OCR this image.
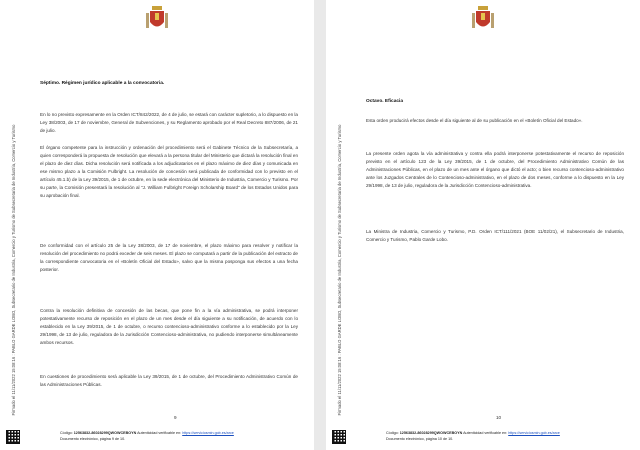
Firmado el 11/11/2022 15:08:16 : PABLO GARDE LOBO, Subsecretario de Industria, Comercio y Turismo de Subsecretaria de Industria, Comercio y Turismo
Séptimo. Régimen jurídico aplicable a la convocatoria.
En lo no previsto expresamente en la Orden ICT/842/2022, de 4 de julio, se estará con carácter supletorio, a lo dispuesto en la Ley 38/2003, de 17 de noviembre, General de Subvenciones, y su Reglamento aprobado por el Real Decreto 887/2006, de 21 de julio.
El órgano competente para la instrucción y ordenación del procedimiento será el Gabinete Técnico de la Subsecretaría, a quien corresponderá la propuesta de resolución que elevará a la persona titular del Ministerio que dictará la resolución final en el plazo de diez días. Dicha resolución será notificada a los adjudicatarios en el plazo máximo de diez días y comunicada en ese mismo plazo a la Comisión Fulbright. La resolución de concesión será publicada de conformidad con lo previsto en el artículo 45.1.b) de la Ley 39/2015, de 1 de octubre, en la sede electrónica del Ministerio de Industria, Comercio y Turismo. Por su parte, la Comisión presentará la resolución al "J. William Fulbright Foreign Scholarship Board" de los Estados Unidos para su aprobación final.
De conformidad con el artículo 25 de la Ley 38/2003, de 17 de noviembre, el plazo máximo para resolver y notificar la resolución del procedimiento no podrá exceder de seis meses. El plazo se computará a partir de la publicación del extracto de la correspondiente convocatoria en el «Boletín Oficial del Estado», salvo que la misma posponga sus efectos a una fecha posterior.
Contra la resolución definitiva de concesión de las becas, que pone fin a la vía administrativa, se podrá interponer potestativamente recurso de reposición en el plazo de un mes desde el día siguiente a su notificación, de acuerdo con lo establecido en la Ley 39/2015, de 1 de octubre, o recurso contencioso-administrativo conforme a lo establecido por la Ley 29/1998, de 13 de julio, reguladora de la Jurisdicción Contencioso-administrativa, no pudiendo interponerse simultáneamente ambos recursos.
En cuestiones de procedimiento será aplicable la Ley 39/2015, de 1 de octubre, del Procedimiento Administrativo Común de las Administraciones Públicas.
9
Código: 12563832-86028299QWOWCEBOYN Autenticidad verificable en: https://serviciosmin.gob.es/arce
Documento electrónico, página 9 de 10.
Firmado el 11/11/2022 15:08:16 : PABLO GARDE LOBO, Subsecretario de Industria, Comercio y Turismo de Subsecretaria de Industria, Comercio y Turismo
Octavo. Eficacia
Esta orden producirá efectos desde el día siguiente al de su publicación en el «Boletín Oficial del Estado».
La presente orden agota la vía administrativa y contra ella podrá interponerse potestativamente el recurso de reposición previsto en el artículo 123 de la Ley 39/2015, de 1 de octubre, del Procedimiento Administrativo Común de las Administraciones Públicas, en el plazo de un mes ante el órgano que dictó el acto; o bien recurso contencioso-administrativo ante los Juzgados Centrales de lo Contencioso-administrativo, en el plazo de dos meses, conforme a lo dispuesto en la Ley 29/1998, de 13 de julio, reguladora de la Jurisdicción Contencioso-administrativa.
La Ministra de Industria, Comercio y Turismo, P.D. Orden ICT/111/2021 (BOE 11/02/21), el Subsecretario de Industria, Comercio y Turismo, Pablo Garde Lobo.
10
Código: 12563832-86028299QWOWCEBOYN Autenticidad verificable en: https://serviciosmin.gob.es/arce
Documento electrónico, página 10 de 10.
